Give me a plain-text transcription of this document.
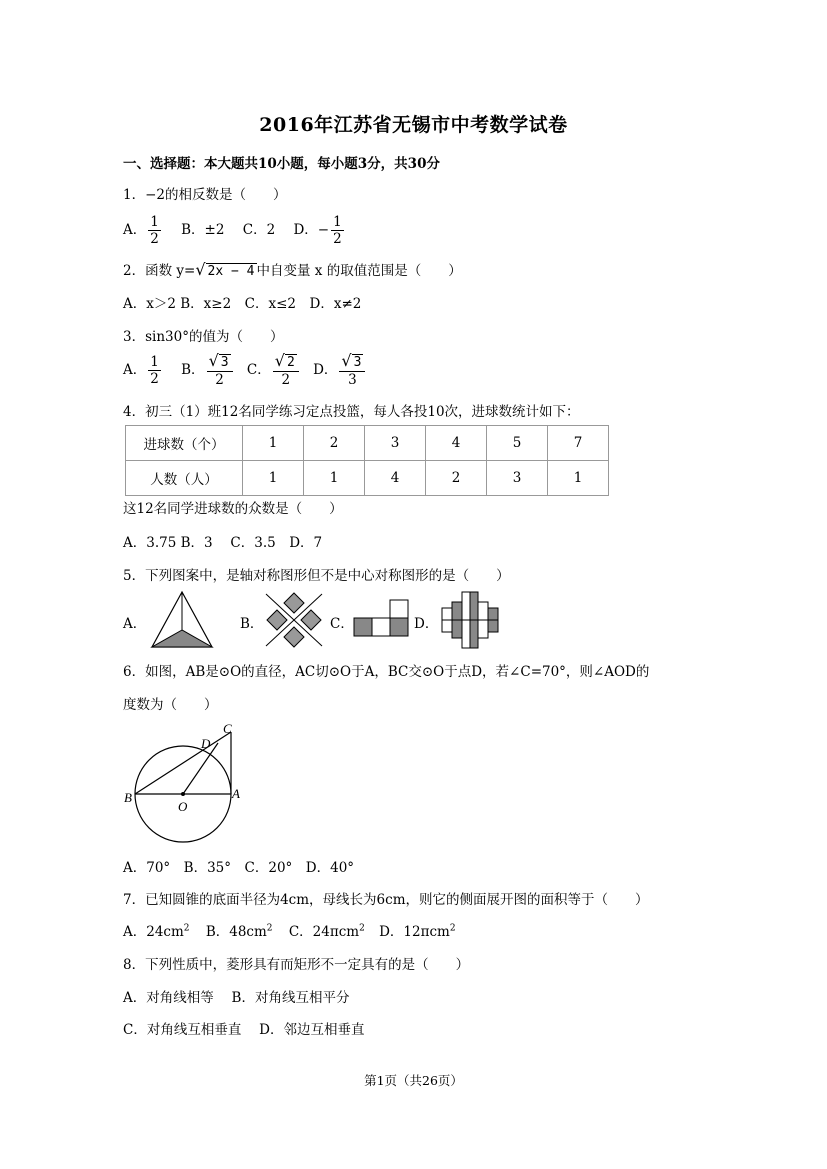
2016年江苏省无锡市中考数学试卷
一、选择题：本大题共10小题，每小题3分，共30分
1．−2的相反数是（　　）
A． $\frac{1}{2}$ B．±2 C．2 D．− $\frac{1}{2}$
2．函数 y=√ 2x − 4 中自变量 x 的取值范围是（　　）
A．x＞2 B．x≥2　C．x≤2　D．x≠2
3．sin30°的值为（　　）
A． $\frac{1}{2}$ B． $\frac{√ 3}{2}$ C． $\frac{√ 2}{2}$ D． $\frac{√ 3}{3}$
4．初三（1）班12名同学练习定点投篮，每人各投10次，进球数统计如下：
进球数（个）	1	2	3	4	5	7
人数（人）	1	1	4	2	3	1
这12名同学进球数的众数是（　　）
A．3.75 B．3　 C．3.5　D．7
5．下列图案中，是轴对称图形但不是中心对称图形的是（　　）
A．	B．	C．	D．
6．如图，AB是⊙O的直径，AC切⊙O于A，BC交⊙O于点D，若∠C=70°，则∠AOD的
度数为（　　）
C
D
B
O
A
A．70°　B．35°　C．20°　D．40°
7．已知圆锥的底面半径为4cm，母线长为6cm，则它的侧面展开图的面积等于（　　）
A．$24cm^2$ B．$48cm^2$ C．24πcm$^2$ D．12πcm$^2$
8．下列性质中，菱形具有而矩形不一定具有的是（　　）
A．对角线相等　 B．对角线互相平分
C．对角线互相垂直　 D．邻边互相垂直
第1页（共26页）
